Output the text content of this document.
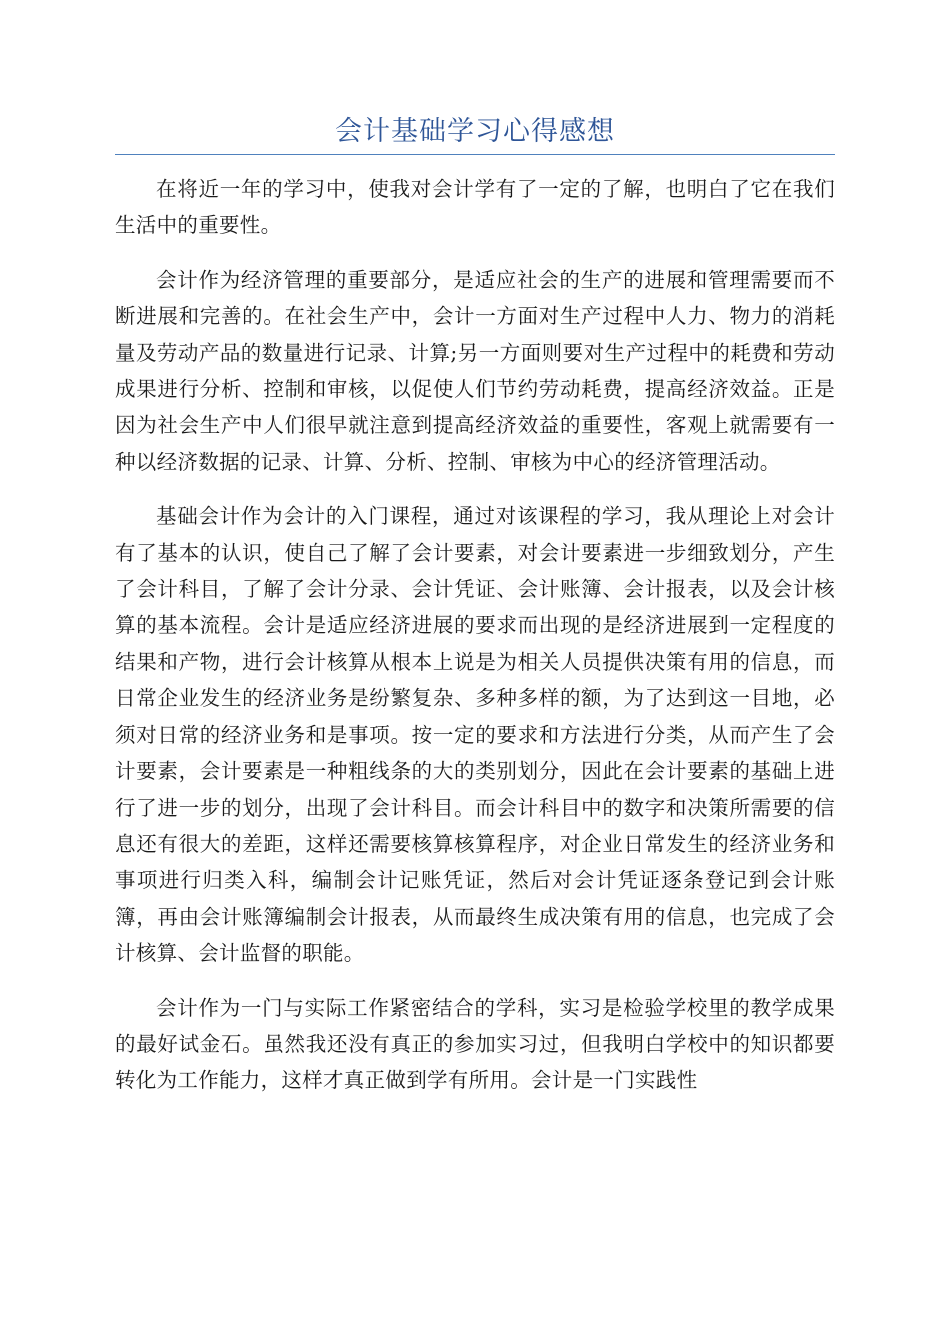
会计基础学习心得感想

在将近一年的学习中，使我对会计学有了一定的了解，也明白了它在我们生活中的重要性。

会计作为经济管理的重要部分，是适应社会的生产的进展和管理需要而不断进展和完善的。在社会生产中，会计一方面对生产过程中人力、物力的消耗量及劳动产品的数量进行记录、计算;另一方面则要对生产过程中的耗费和劳动成果进行分析、控制和审核，以促使人们节约劳动耗费，提高经济效益。正是因为社会生产中人们很早就注意到提高经济效益的重要性，客观上就需要有一种以经济数据的记录、计算、分析、控制、审核为中心的经济管理活动。

基础会计作为会计的入门课程，通过对该课程的学习，我从理论上对会计有了基本的认识，使自己了解了会计要素，对会计要素进一步细致划分，产生了会计科目，了解了会计分录、会计凭证、会计账簿、会计报表，以及会计核算的基本流程。会计是适应经济进展的要求而出现的是经济进展到一定程度的结果和产物，进行会计核算从根本上说是为相关人员提供决策有用的信息，而日常企业发生的经济业务是纷繁复杂、多种多样的额，为了达到这一目地，必须对日常的经济业务和是事项。按一定的要求和方法进行分类，从而产生了会计要素，会计要素是一种粗线条的大的类别划分，因此在会计要素的基础上进行了进一步的划分，出现了会计科目。而会计科目中的数字和决策所需要的信息还有很大的差距，这样还需要核算核算程序，对企业日常发生的经济业务和事项进行归类入科，编制会计记账凭证，然后对会计凭证逐条登记到会计账簿，再由会计账簿编制会计报表，从而最终生成决策有用的信息，也完成了会计核算、会计监督的职能。

会计作为一门与实际工作紧密结合的学科，实习是检验学校里的教学成果的最好试金石。虽然我还没有真正的参加实习过，但我明白学校中的知识都要转化为工作能力，这样才真正做到学有所用。会计是一门实践性
